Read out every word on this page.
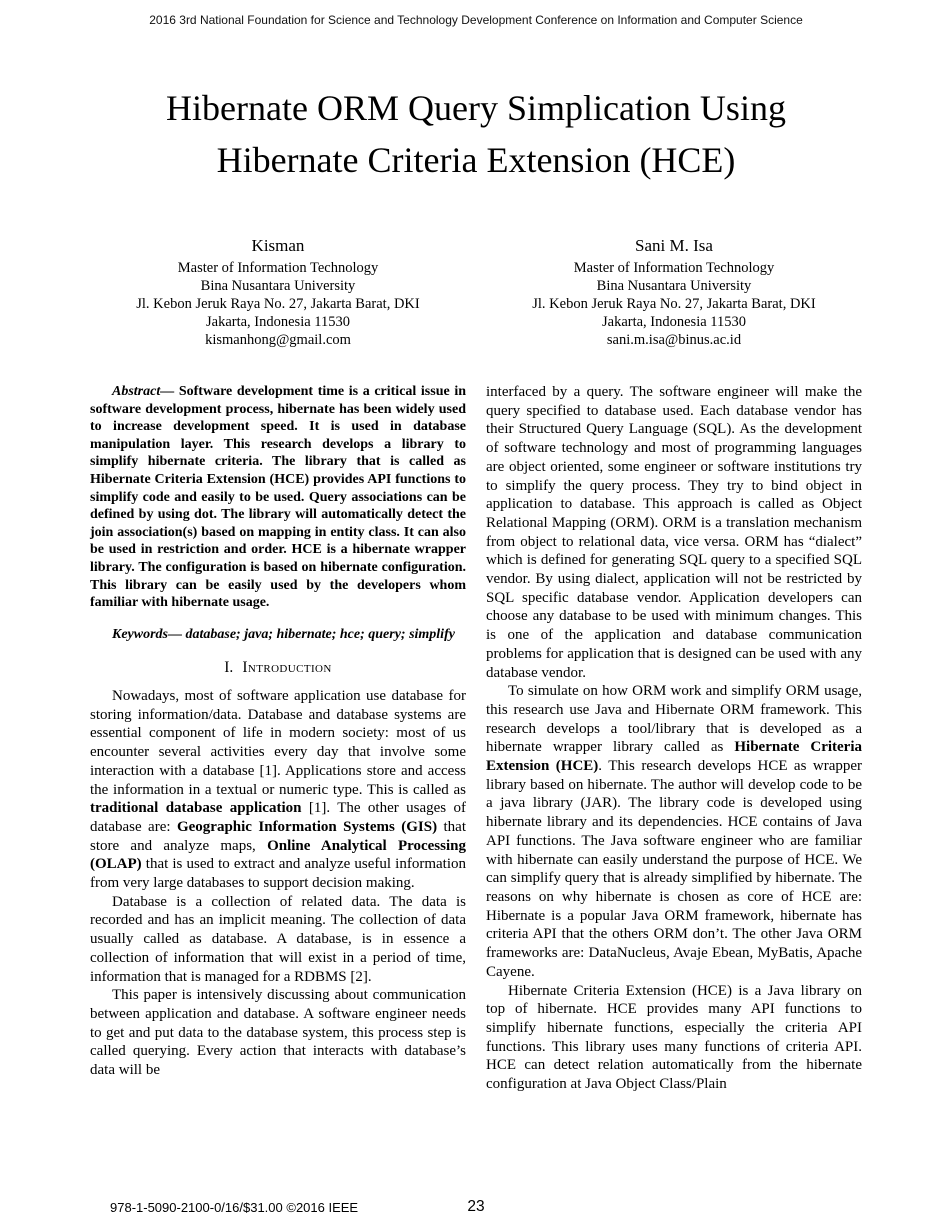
2016 3rd National Foundation for Science and Technology Development Conference on Information and Computer Science
Hibernate ORM Query Simplication Using
Hibernate Criteria Extension (HCE)
Kisman
Master of Information Technology
Bina Nusantara University
Jl. Kebon Jeruk Raya No. 27, Jakarta Barat, DKI
Jakarta, Indonesia 11530
kismanhong@gmail.com
Sani M. Isa
Master of Information Technology
Bina Nusantara University
Jl. Kebon Jeruk Raya No. 27, Jakarta Barat, DKI
Jakarta, Indonesia 11530
sani.m.isa@binus.ac.id

Abstract— Software development time is a critical issue in software development process, hibernate has been widely used to increase development speed. It is used in database manipulation layer. This research develops a library to simplify hibernate criteria. The library that is called as Hibernate Criteria Extension (HCE) provides API functions to simplify code and easily to be used. Query associations can be defined by using dot. The library will automatically detect the join association(s) based on mapping in entity class. It can also be used in restriction and order. HCE is a hibernate wrapper library. The configuration is based on hibernate configuration. This library can be easily used by the developers whom familiar with hibernate usage.

Keywords— database; java; hibernate; hce; query; simplify

I. Introduction

Nowadays, most of software application use database for storing information/data. Database and database systems are essential component of life in modern society: most of us encounter several activities every day that involve some interaction with a database [1]. Applications store and access the information in a textual or numeric type. This is called as traditional database application [1]. The other usages of database are: Geographic Information Systems (GIS) that store and analyze maps, Online Analytical Processing (OLAP) that is used to extract and analyze useful information from very large databases to support decision making.

Database is a collection of related data. The data is recorded and has an implicit meaning. The collection of data usually called as database. A database, is in essence a collection of information that will exist in a period of time, information that is managed for a RDBMS [2].

This paper is intensively discussing about communication between application and database. A software engineer needs to get and put data to the database system, this process step is called querying. Every action that interacts with database’s data will be

interfaced by a query. The software engineer will make the query specified to database used. Each database vendor has their Structured Query Language (SQL). As the development of software technology and most of programming languages are object oriented, some engineer or software institutions try to simplify the query process. They try to bind object in application to database. This approach is called as Object Relational Mapping (ORM). ORM is a translation mechanism from object to relational data, vice versa. ORM has “dialect” which is defined for generating SQL query to a specified SQL vendor. By using dialect, application will not be restricted by SQL specific database vendor. Application developers can choose any database to be used with minimum changes. This is one of the application and database communication problems for application that is designed can be used with any database vendor.

To simulate on how ORM work and simplify ORM usage, this research use Java and Hibernate ORM framework. This research develops a tool/library that is developed as a hibernate wrapper library called as Hibernate Criteria Extension (HCE). This research develops HCE as wrapper library based on hibernate. The author will develop code to be a java library (JAR). The library code is developed using hibernate library and its dependencies. HCE contains of Java API functions. The Java software engineer who are familiar with hibernate can easily understand the purpose of HCE. We can simplify query that is already simplified by hibernate. The reasons on why hibernate is chosen as core of HCE are: Hibernate is a popular Java ORM framework, hibernate has criteria API that the others ORM don’t. The other Java ORM frameworks are: DataNucleus, Avaje Ebean, MyBatis, Apache Cayene.

Hibernate Criteria Extension (HCE) is a Java library on top of hibernate. HCE provides many API functions to simplify hibernate functions, especially the criteria API functions. This library uses many functions of criteria API. HCE can detect relation automatically from the hibernate configuration at Java Object Class/Plain

978-1-5090-2100-0/16/$31.00 ©2016 IEEE	23
